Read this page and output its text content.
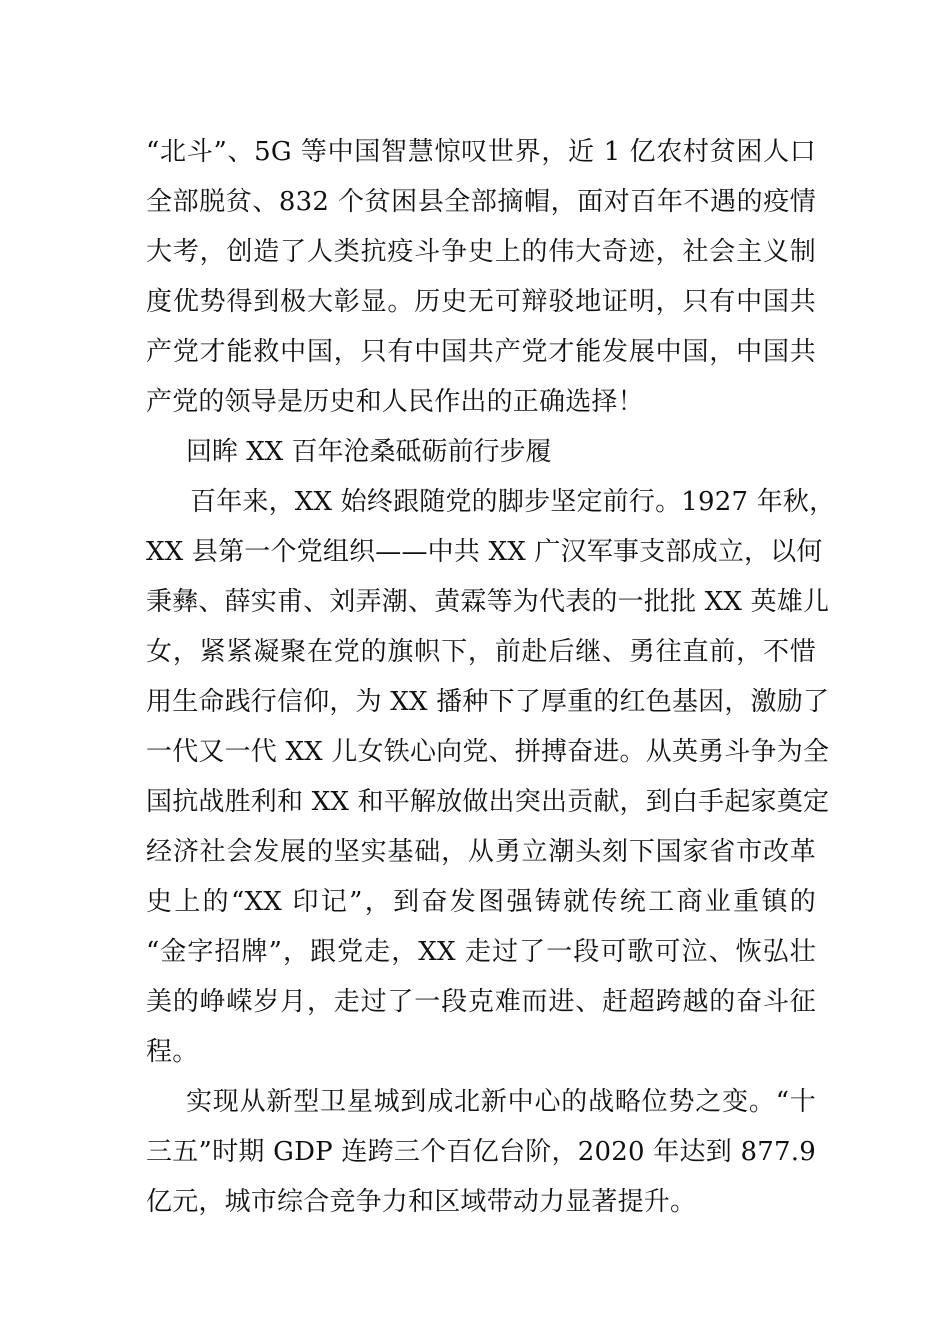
“北斗”、5G 等中国智慧惊叹世界，近 1 亿农村贫困人口
全部脱贫、832 个贫困县全部摘帽，面对百年不遇的疫情
大考，创造了人类抗疫斗争史上的伟大奇迹，社会主义制
度优势得到极大彰显。历史无可辩驳地证明，只有中国共
产党才能救中国，只有中国共产党才能发展中国，中国共
产党的领导是历史和人民作出的正确选择！
回眸 XX 百年沧桑砥砺前行步履
百年来，XX 始终跟随党的脚步坚定前行。1927 年秋，
XX 县第一个党组织——中共 XX 广汉军事支部成立，以何
秉彝、薛实甫、刘弄潮、黄霖等为代表的一批批 XX 英雄儿
女，紧紧凝聚在党的旗帜下，前赴后继、勇往直前，不惜
用生命践行信仰，为 XX 播种下了厚重的红色基因，激励了
一代又一代 XX 儿女铁心向党、拼搏奋进。从英勇斗争为全
国抗战胜利和 XX 和平解放做出突出贡献，到白手起家奠定
经济社会发展的坚实基础，从勇立潮头刻下国家省市改革
史上的“XX 印记”，到奋发图强铸就传统工商业重镇的
“金字招牌”，跟党走，XX 走过了一段可歌可泣、恢弘壮
美的峥嵘岁月，走过了一段克难而进、赶超跨越的奋斗征
程。
实现从新型卫星城到成北新中心的战略位势之变。“十
三五”时期 GDP 连跨三个百亿台阶，2020 年达到 877.9
亿元，城市综合竞争力和区域带动力显著提升。
